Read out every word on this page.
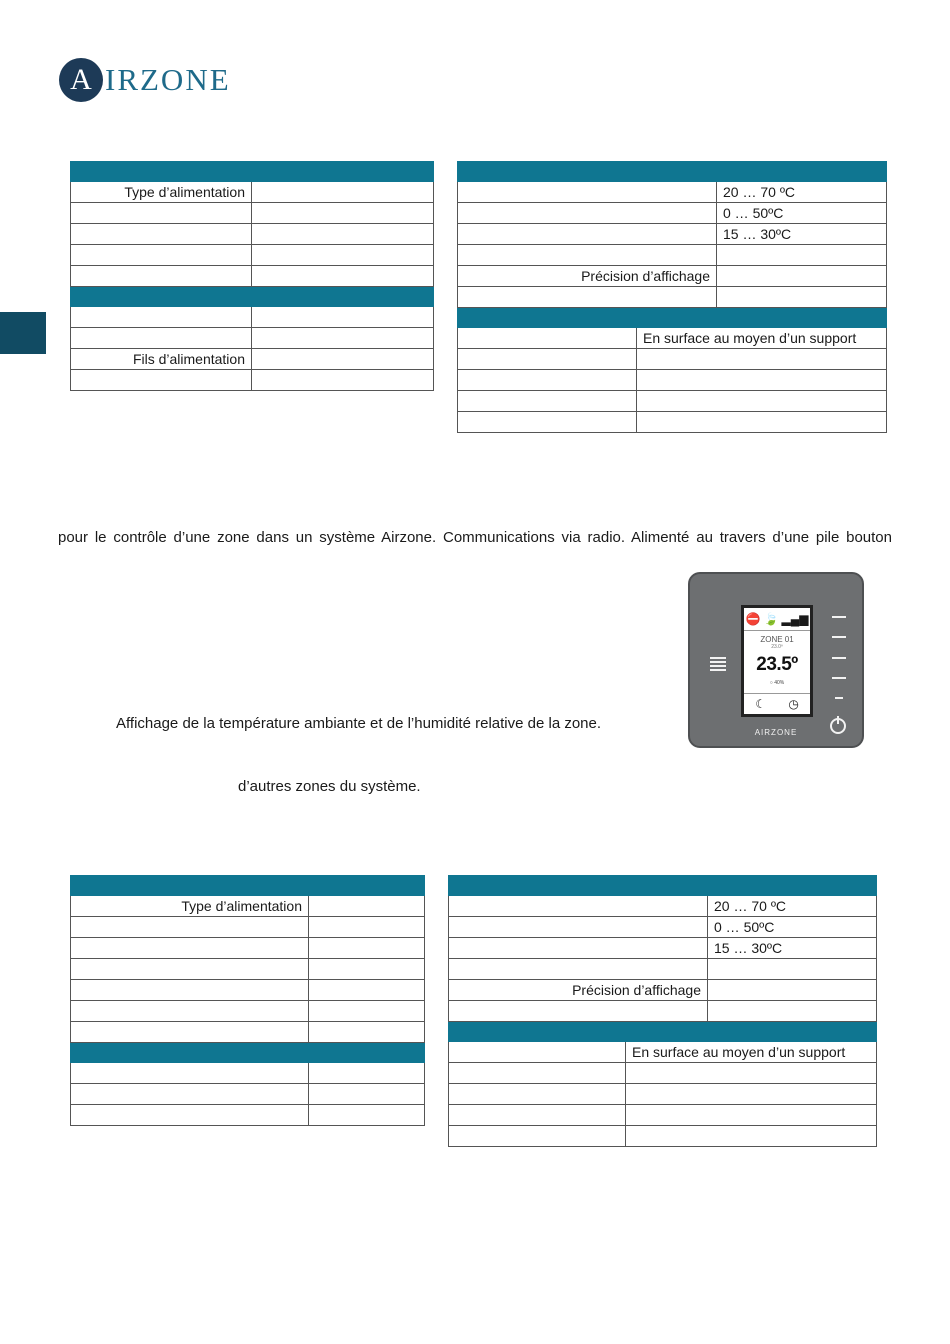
A IRZONE

Type d’alimentation	

Fils d’alimentation	

		20 … 70 ºC
		0 … 50ºC
		15 … 30ºC

Précision d’affichage		

	En surface au moyen d’un support	

pour le contrôle d’une zone dans un système Airzone. Communications via radio. Alimenté au travers d’une pile bouton
Affichage de la température ambiante et de l’humidité relative de la zone.
d’autres zones du système.
⛔ 🍃 ▂▄▆
ZONE 01
23.0º
23.5º
○ 40%
☾ ◷
AIRZONE

Type d’alimentation	

		20 … 70 ºC
		0 … 50ºC
		15 … 30ºC

Précision d’affichage		

	En surface au moyen d’un support	
